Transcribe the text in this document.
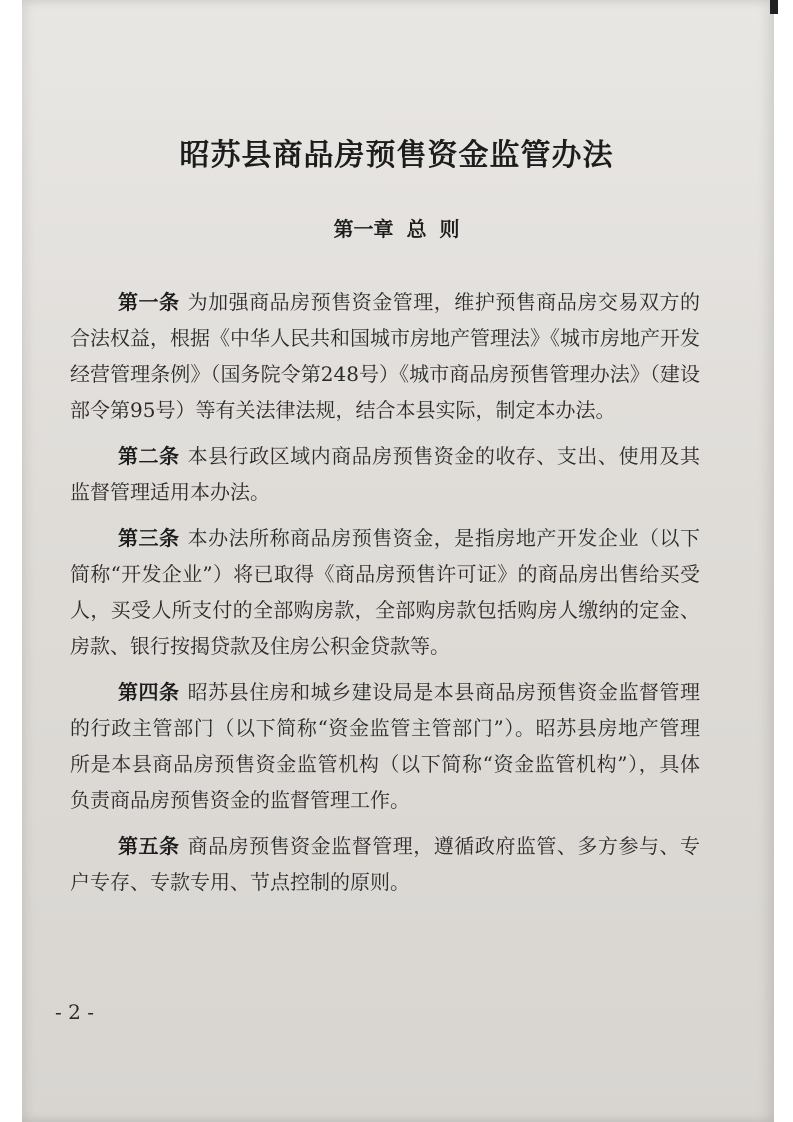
昭苏县商品房预售资金监管办法
第一章 总 则

第一条 为加强商品房预售资金管理，维护预售商品房交易双方的合法权益，根据《中华人民共和国城市房地产管理法》《城市房地产开发经营管理条例》（国务院令第248号）《城市商品房预售管理办法》（建设部令第95号）等有关法律法规，结合本县实际，制定本办法。

第二条 本县行政区域内商品房预售资金的收存、支出、使用及其监督管理适用本办法。

第三条 本办法所称商品房预售资金，是指房地产开发企业（以下简称“开发企业”）将已取得《商品房预售许可证》的商品房出售给买受人，买受人所支付的全部购房款，全部购房款包括购房人缴纳的定金、房款、银行按揭贷款及住房公积金贷款等。

第四条 昭苏县住房和城乡建设局是本县商品房预售资金监督管理的行政主管部门（以下简称“资金监管主管部门”）。昭苏县房地产管理所是本县商品房预售资金监管机构（以下简称“资金监管机构”），具体负责商品房预售资金的监督管理工作。

第五条 商品房预售资金监督管理，遵循政府监管、多方参与、专户专存、专款专用、节点控制的原则。

- 2 -
